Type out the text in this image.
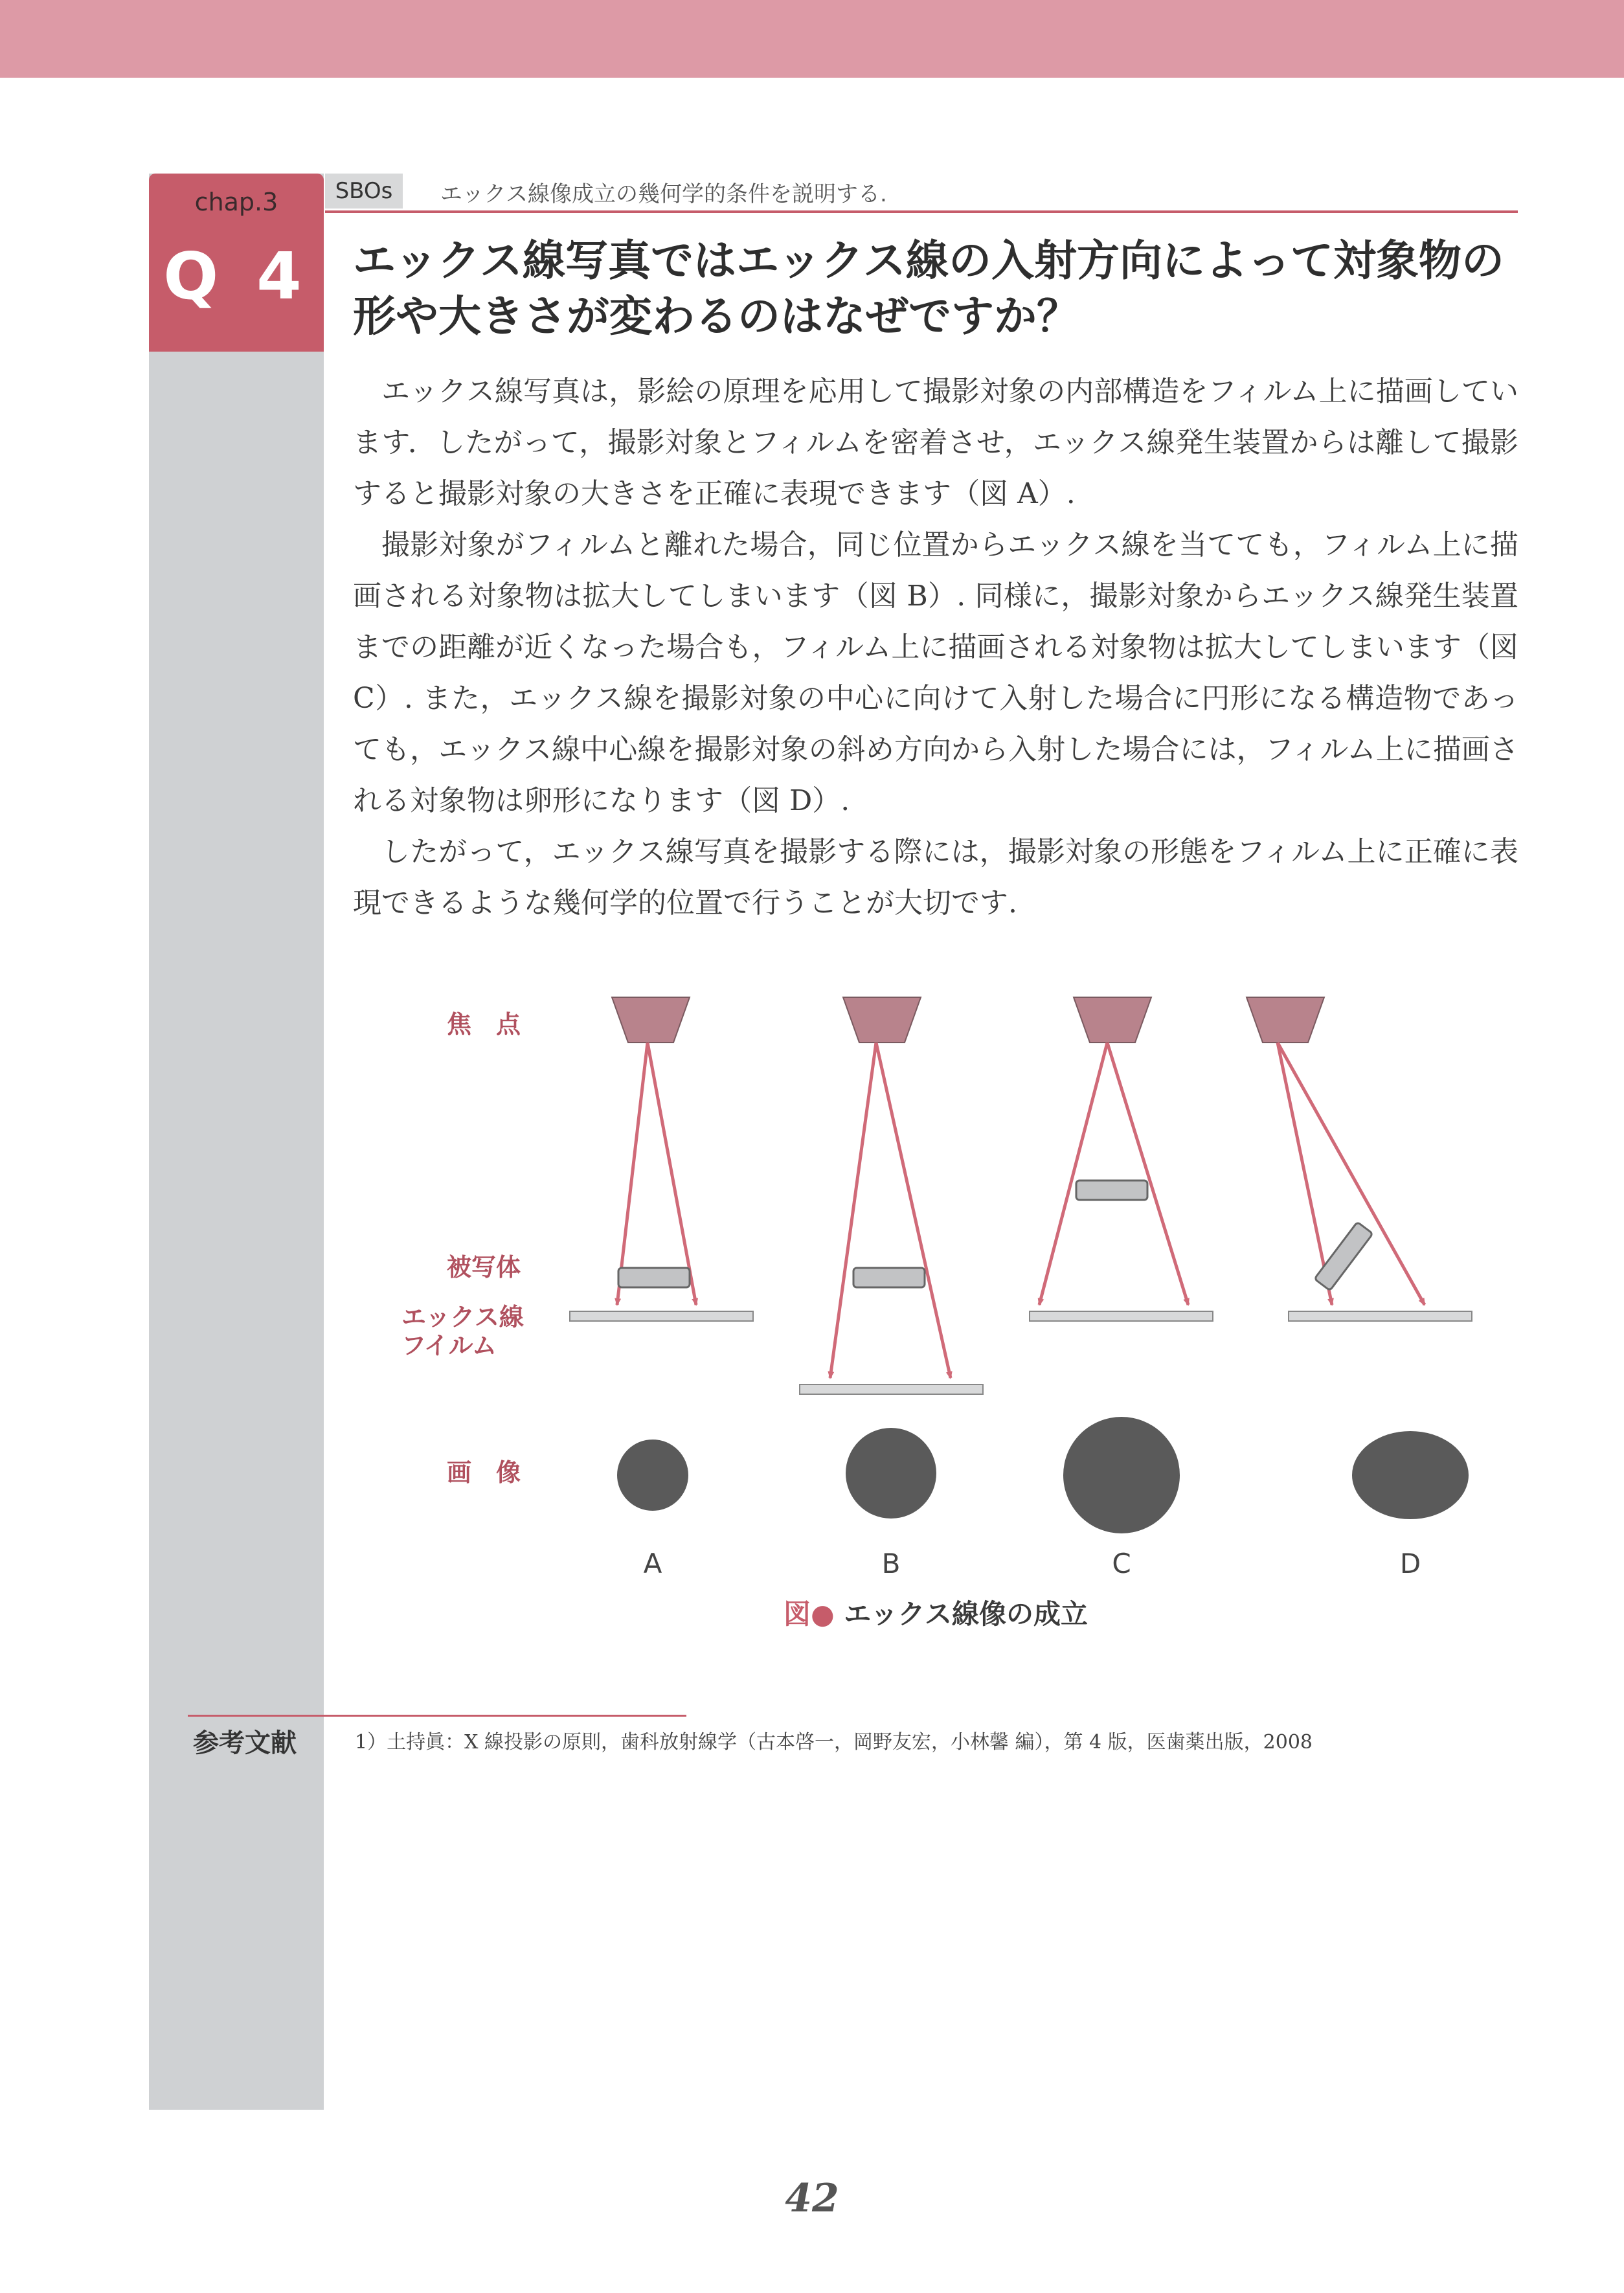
chap.3
Q 4
SBOs	エックス線像成立の幾何学的条件を説明する.
エックス線写真ではエックス線の入射方向によって対象物の形や大きさが変わるのはなぜですか？

エックス線写真は，影絵の原理を応用して撮影対象の内部構造をフィルム上に描画しています．したがって，撮影対象とフィルムを密着させ，エックス線発生装置からは離して撮影すると撮影対象の大きさを正確に表現できます（図 A）.

撮影対象がフィルムと離れた場合，同じ位置からエックス線を当てても，フィルム上に描画される対象物は拡大してしまいます（図 B）. 同様に，撮影対象からエックス線発生装置までの距離が近くなった場合も，フィルム上に描画される対象物は拡大してしまいます（図 C）. また，エックス線を撮影対象の中心に向けて入射した場合に円形になる構造物であっても，エックス線中心線を撮影対象の斜め方向から入射した場合には，フィルム上に描画される対象物は卵形になります（図 D）.

したがって，エックス線写真を撮影する際には，撮影対象の形態をフィルム上に正確に表現できるような幾何学的位置で行うことが大切です.

焦　点
被写体
エックス線
フイルム
画　像
A	B	C	D
図● エックス線像の成立
参考文献	1）土持眞：X 線投影の原則，歯科放射線学（古本啓一，岡野友宏，小林馨 編），第 4 版，医歯薬出版，2008
42
